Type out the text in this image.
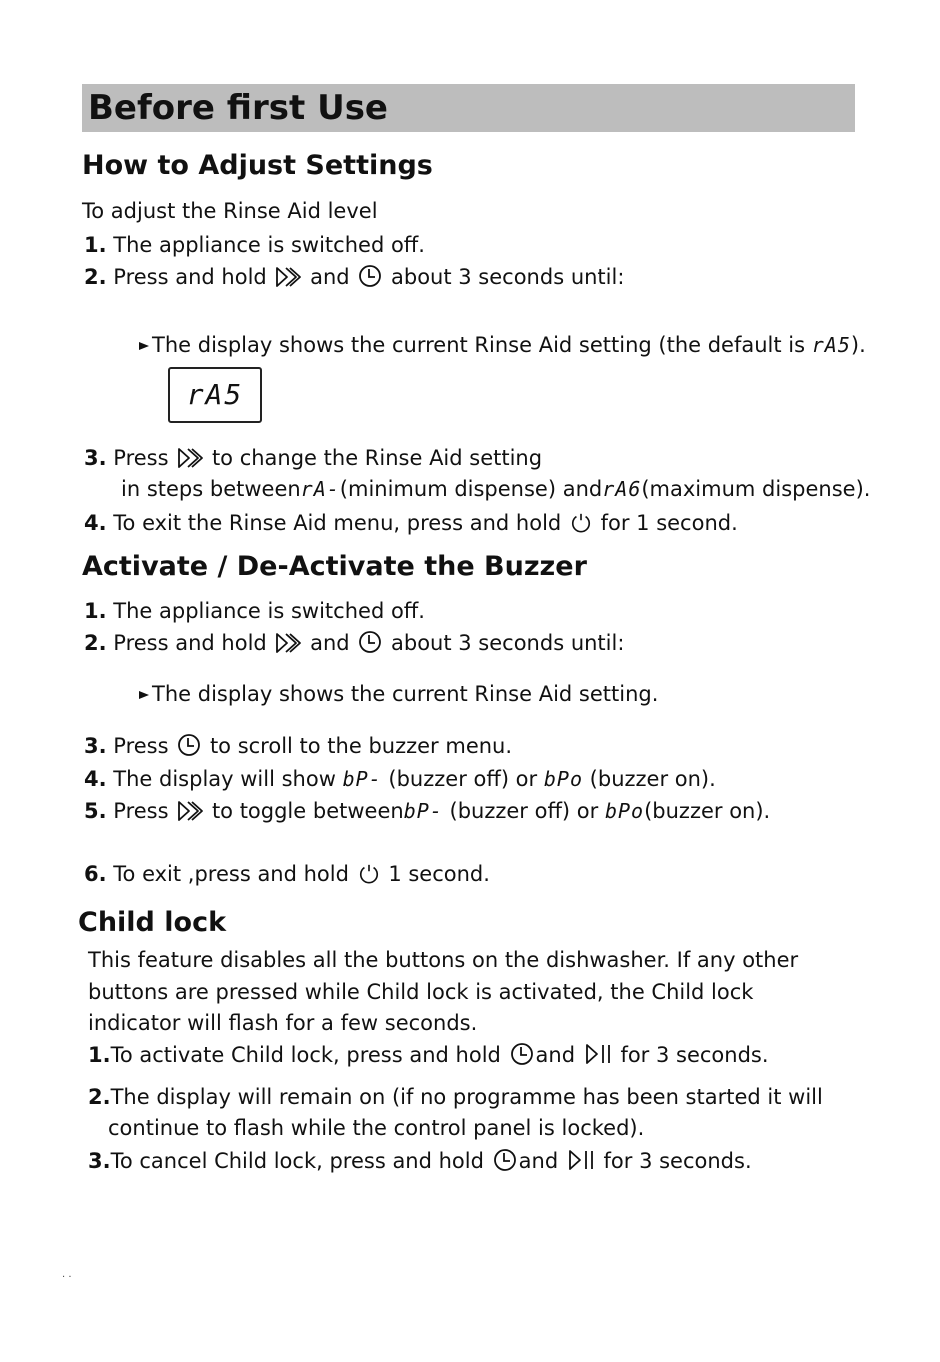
Before first Use
How to Adjust Settings
To adjust the Rinse Aid level
1. The appliance is switched off.
2. Press and hold and about 3 seconds until:
The display shows the current Rinse Aid setting (the default is rA5).
rA5
3. Press to change the Rinse Aid setting
in steps betweenrA-(minimum dispense) andrA6(maximum dispense).
4. To exit the Rinse Aid menu, press and hold for 1 second.
Activate / De-Activate the Buzzer
1. The appliance is switched off.
2. Press and hold and about 3 seconds until:
The display shows the current Rinse Aid setting.
3. Press to scroll to the buzzer menu.
4. The display will show bP- (buzzer off) or bPo (buzzer on).
5. Press to toggle betweenbP- (buzzer off) or bPo(buzzer on).
6. To exit ,press and hold 1 second.
Child lock
This feature disables all the buttons on the dishwasher. If any other
buttons are pressed while Child lock is activated, the Child lock
indicator will flash for a few seconds.
1.To activate Child lock, press and hold and for 3 seconds.
2.The display will remain on (if no programme has been started it will
continue to flash while the control panel is locked).
3.To cancel Child lock, press and hold and for 3 seconds.
· ·
